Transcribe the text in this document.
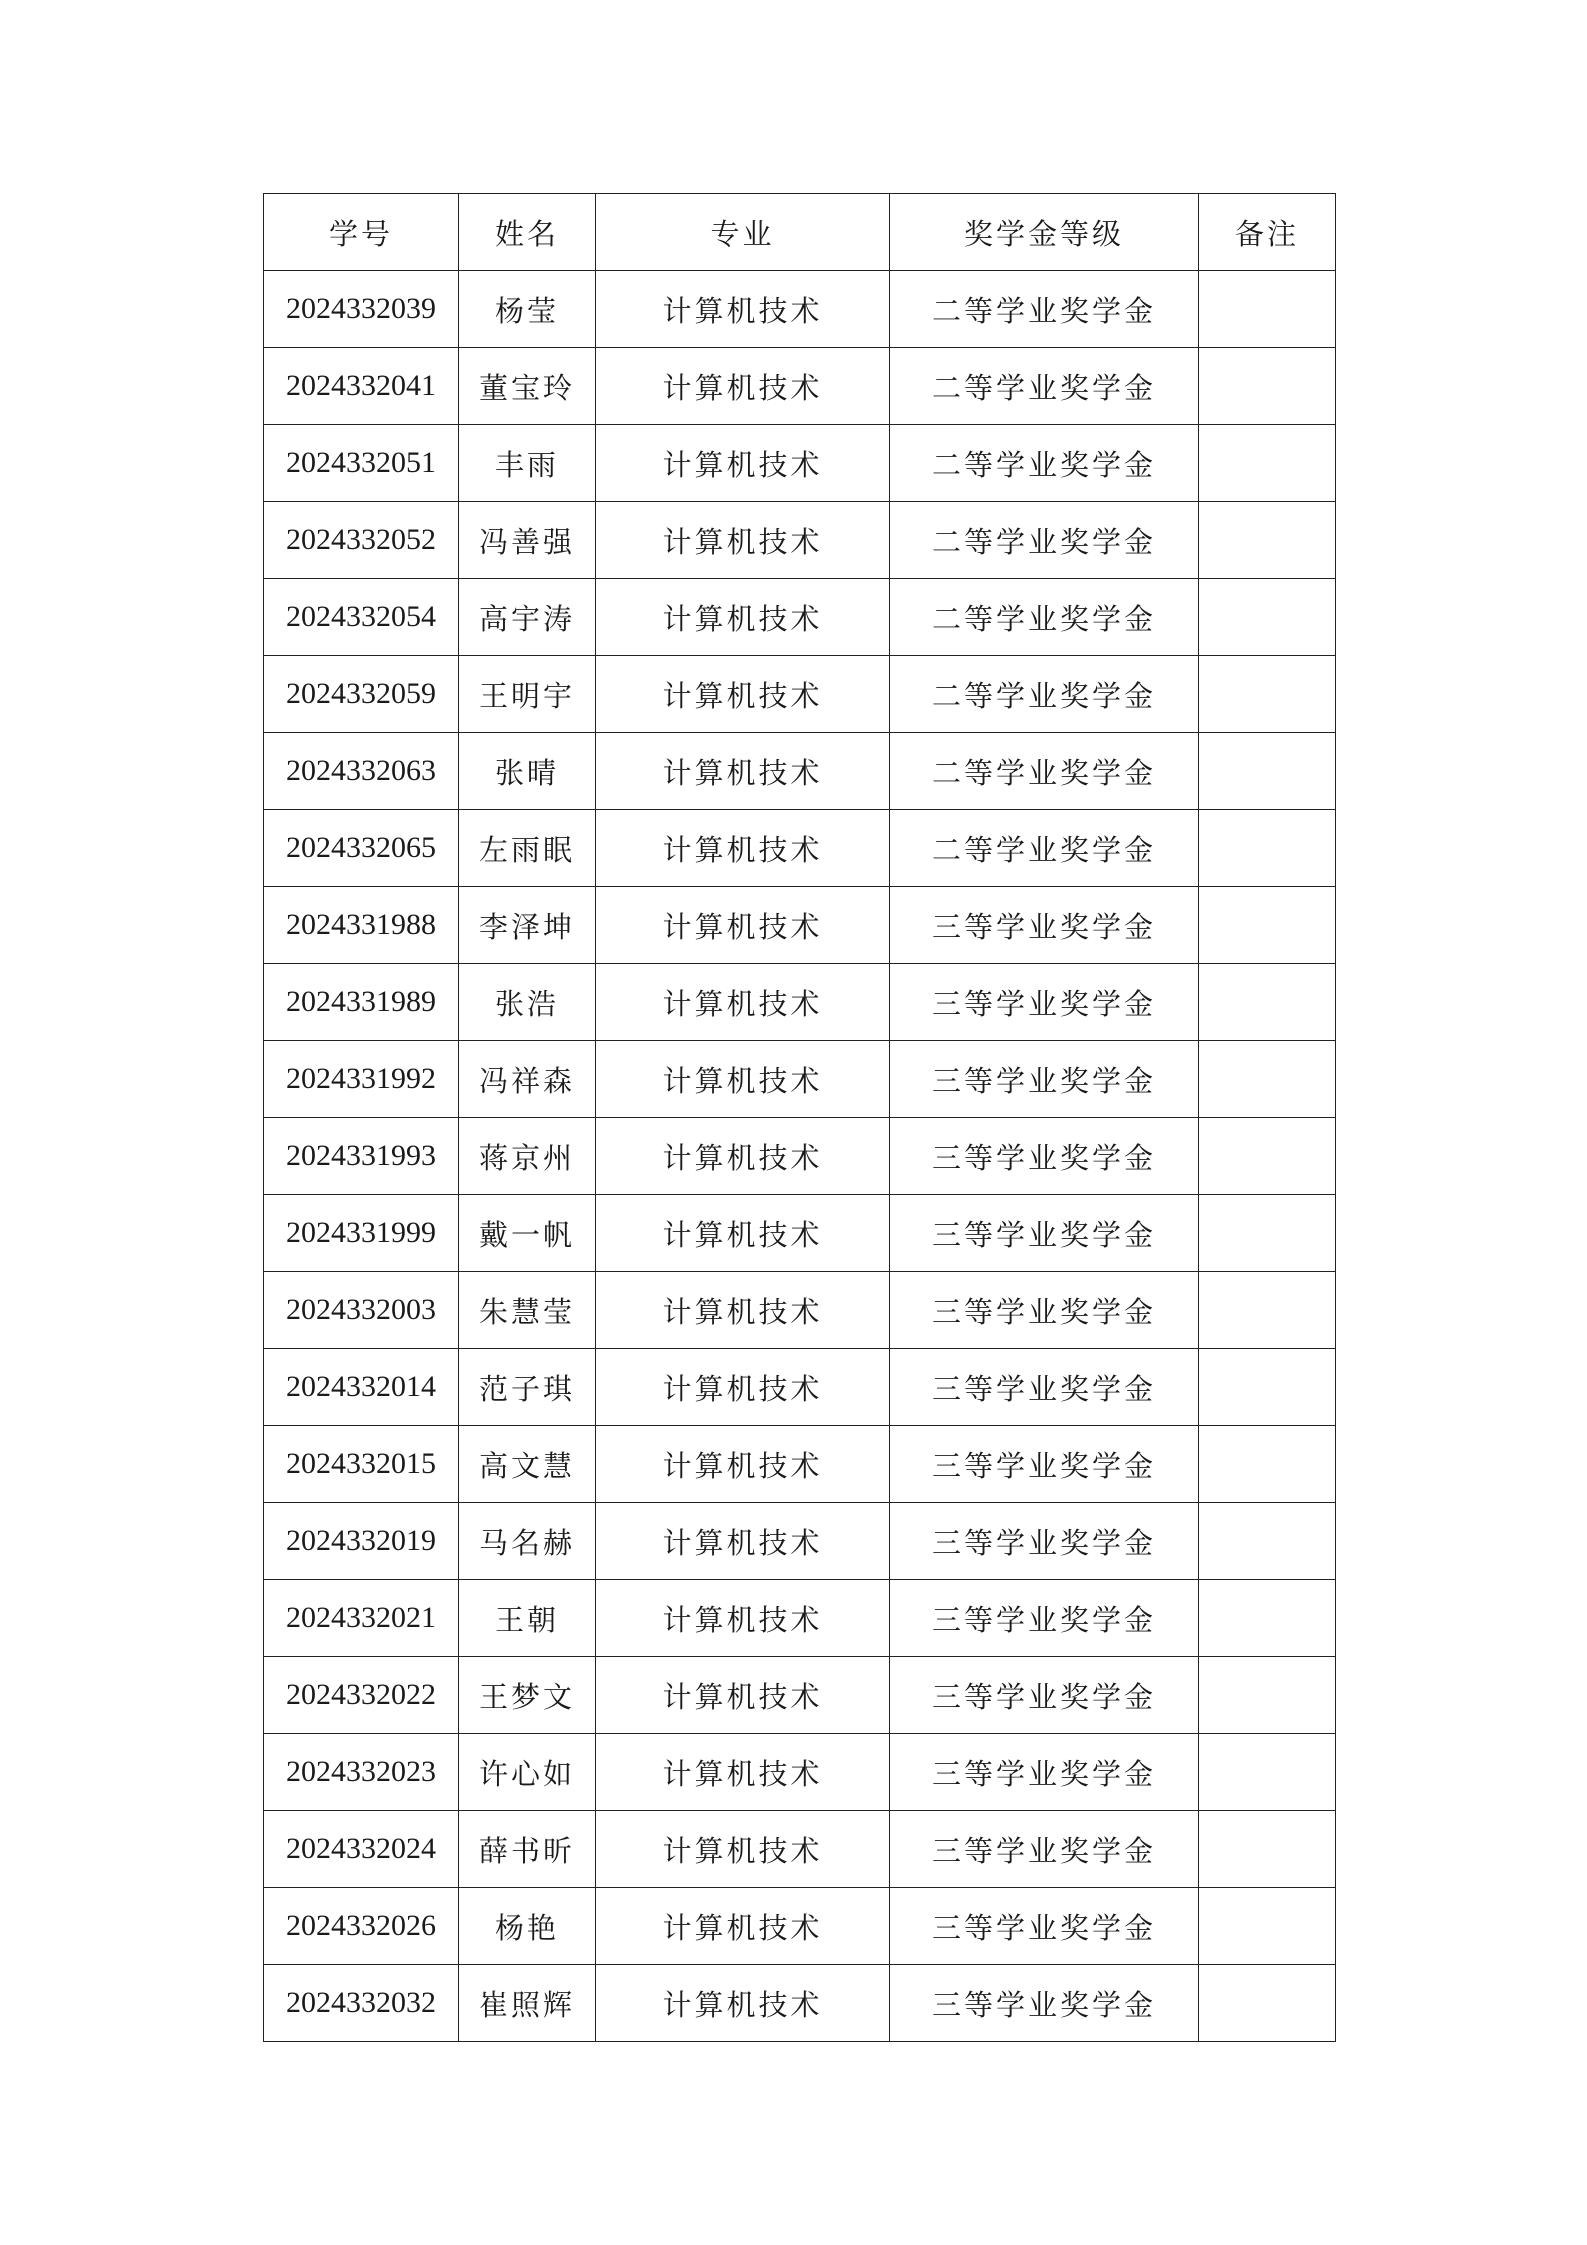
学号	姓名	专业	奖学金等级	备注
2024332039	杨莹	计算机技术	二等学业奖学金	
2024332041	董宝玲	计算机技术	二等学业奖学金	
2024332051	丰雨	计算机技术	二等学业奖学金	
2024332052	冯善强	计算机技术	二等学业奖学金	
2024332054	高宇涛	计算机技术	二等学业奖学金	
2024332059	王明宇	计算机技术	二等学业奖学金	
2024332063	张晴	计算机技术	二等学业奖学金	
2024332065	左雨眠	计算机技术	二等学业奖学金	
2024331988	李泽坤	计算机技术	三等学业奖学金	
2024331989	张浩	计算机技术	三等学业奖学金	
2024331992	冯祥森	计算机技术	三等学业奖学金	
2024331993	蒋京州	计算机技术	三等学业奖学金	
2024331999	戴一帆	计算机技术	三等学业奖学金	
2024332003	朱慧莹	计算机技术	三等学业奖学金	
2024332014	范子琪	计算机技术	三等学业奖学金	
2024332015	高文慧	计算机技术	三等学业奖学金	
2024332019	马名赫	计算机技术	三等学业奖学金	
2024332021	王朝	计算机技术	三等学业奖学金	
2024332022	王梦文	计算机技术	三等学业奖学金	
2024332023	许心如	计算机技术	三等学业奖学金	
2024332024	薛书昕	计算机技术	三等学业奖学金	
2024332026	杨艳	计算机技术	三等学业奖学金	
2024332032	崔照辉	计算机技术	三等学业奖学金	
